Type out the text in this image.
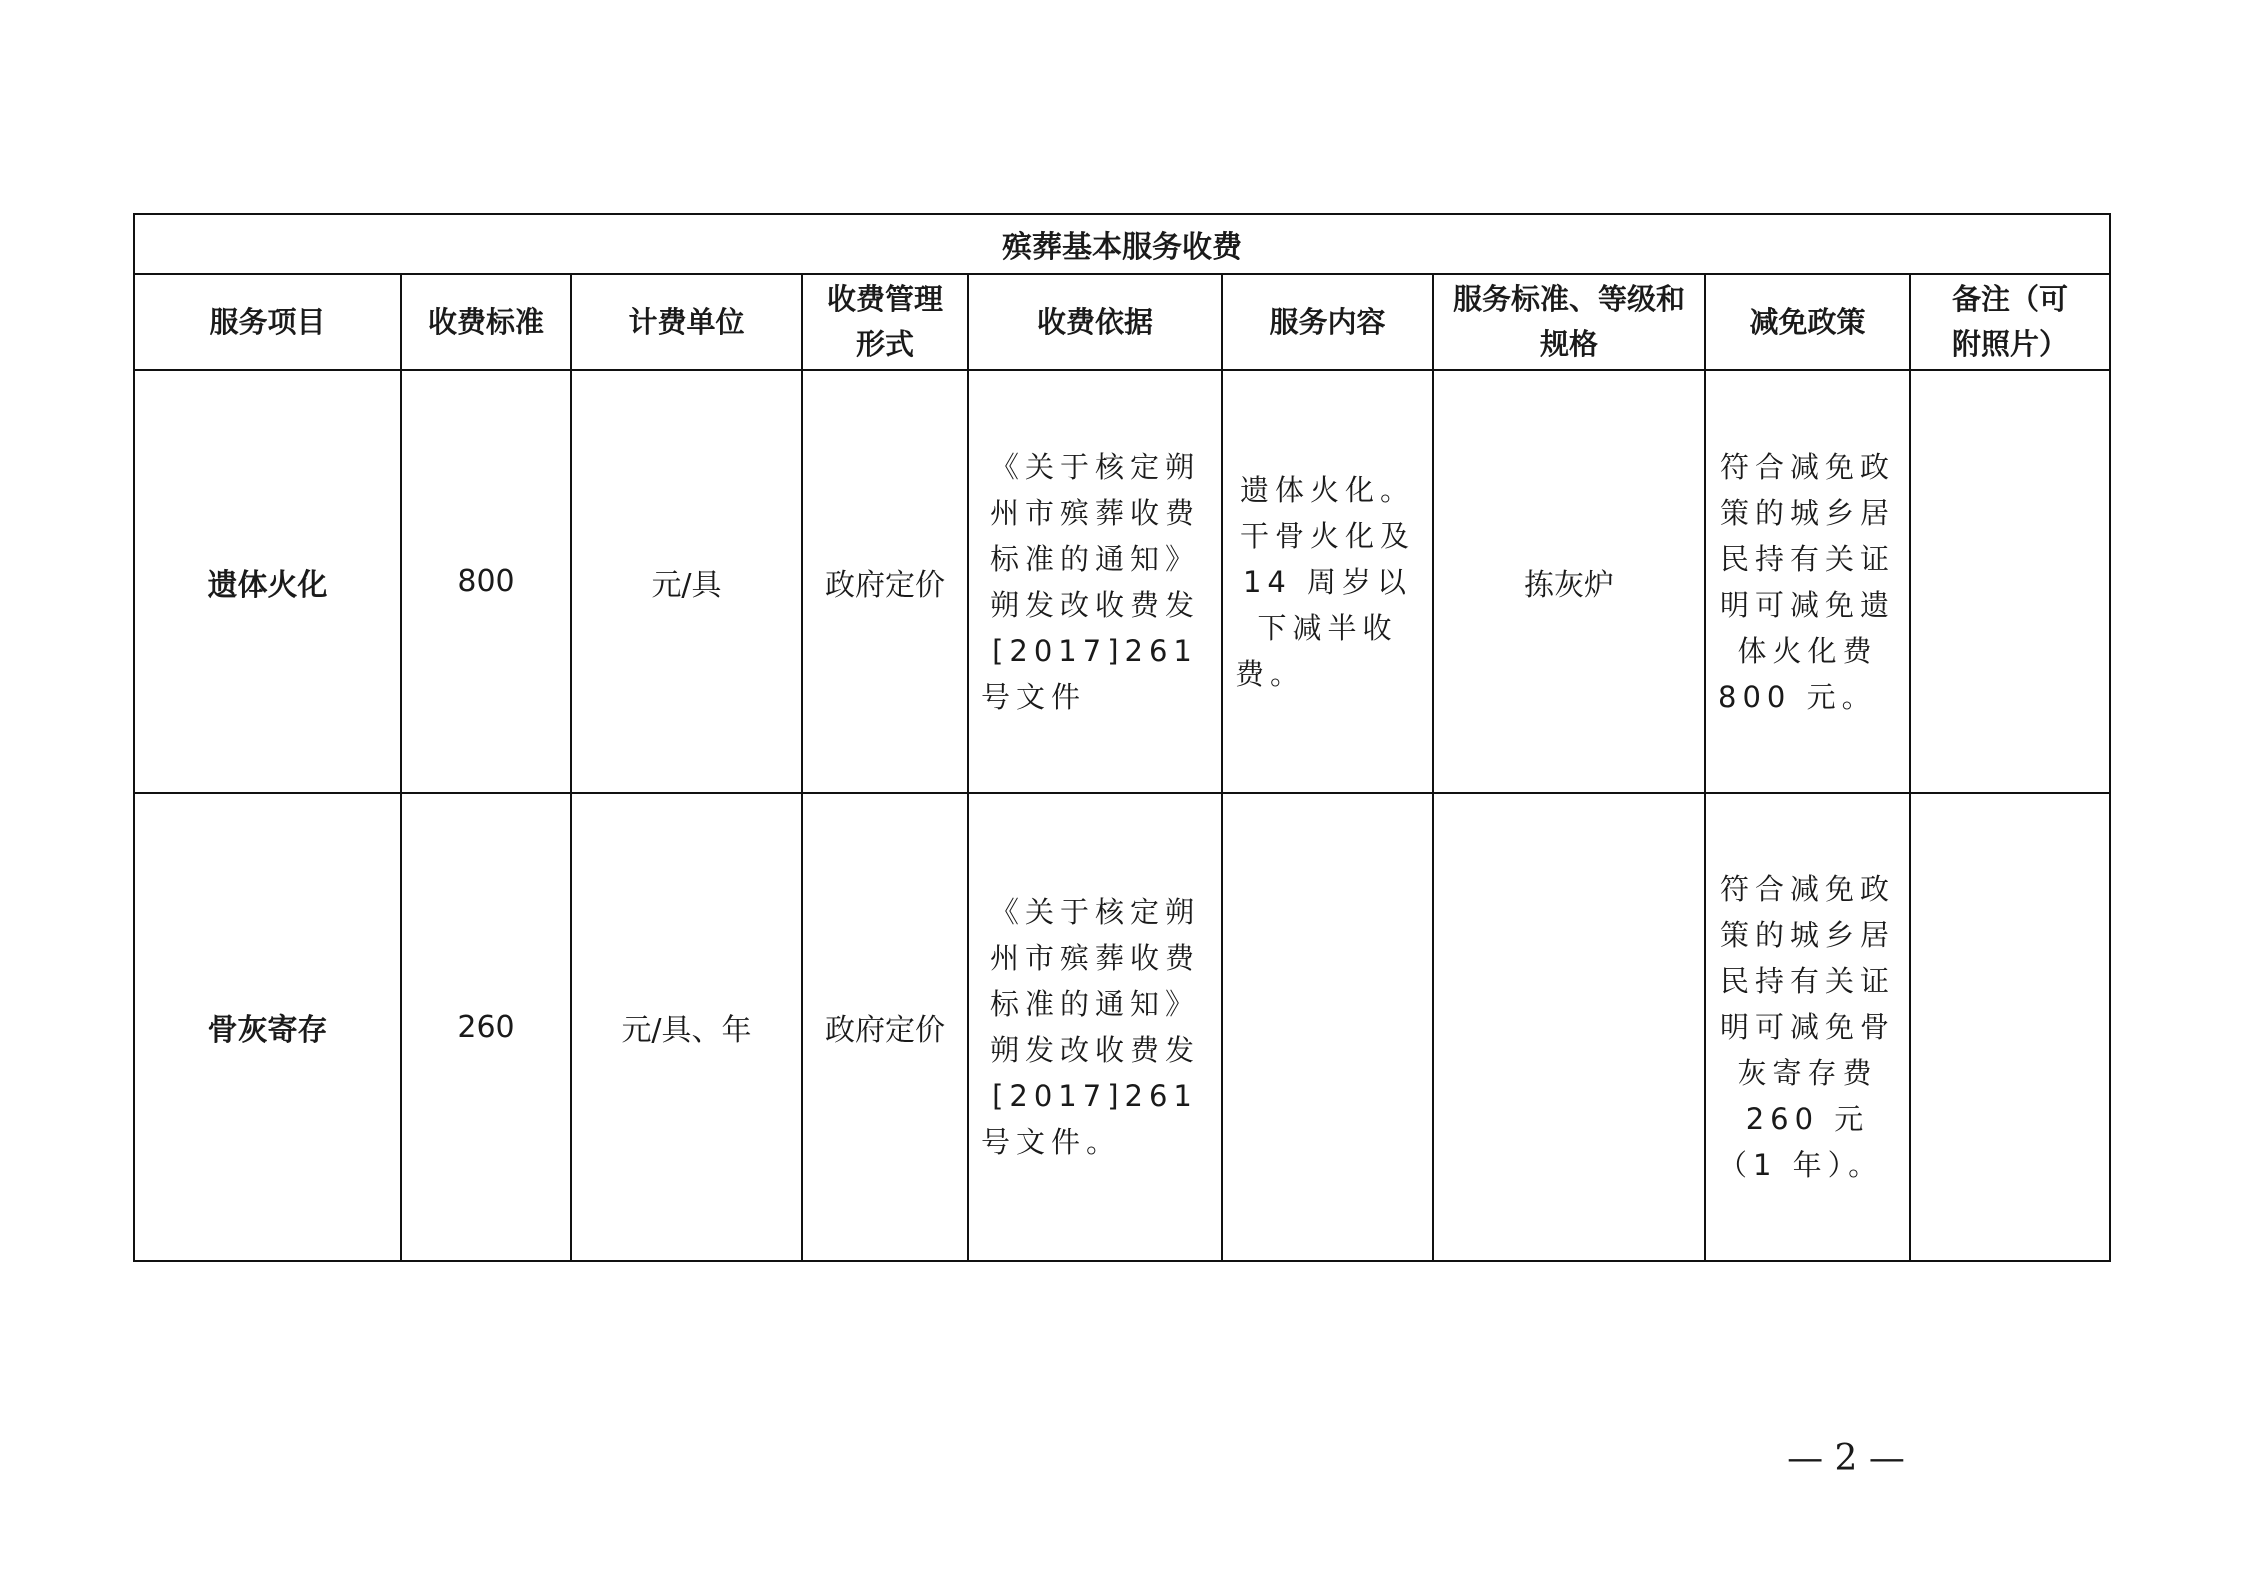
殡葬基本服务收费								
服务项目	收费标准	计费单位	收费管理形式	收费依据	服务内容	服务标准、等级和规格	减免政策	备注（可附照片）
遗体火化	800	元/具	政府定价	《关于核定朔州市殡葬收费标准的通知》朔发改收费发[2017]261 号文件	遗体火化。干骨火化及 14 周岁以下减半收费。	拣灰炉	符合减免政策的城乡居民持有关证明可减免遗体火化费 800 元。	
骨灰寄存	260	元/具、年	政府定价	《关于核定朔州市殡葬收费标准的通知》朔发改收费发[2017]261 号文件。			符合减免政策的城乡居民持有关证明可减免骨灰寄存费 260 元（1 年）。	
— 2 —
